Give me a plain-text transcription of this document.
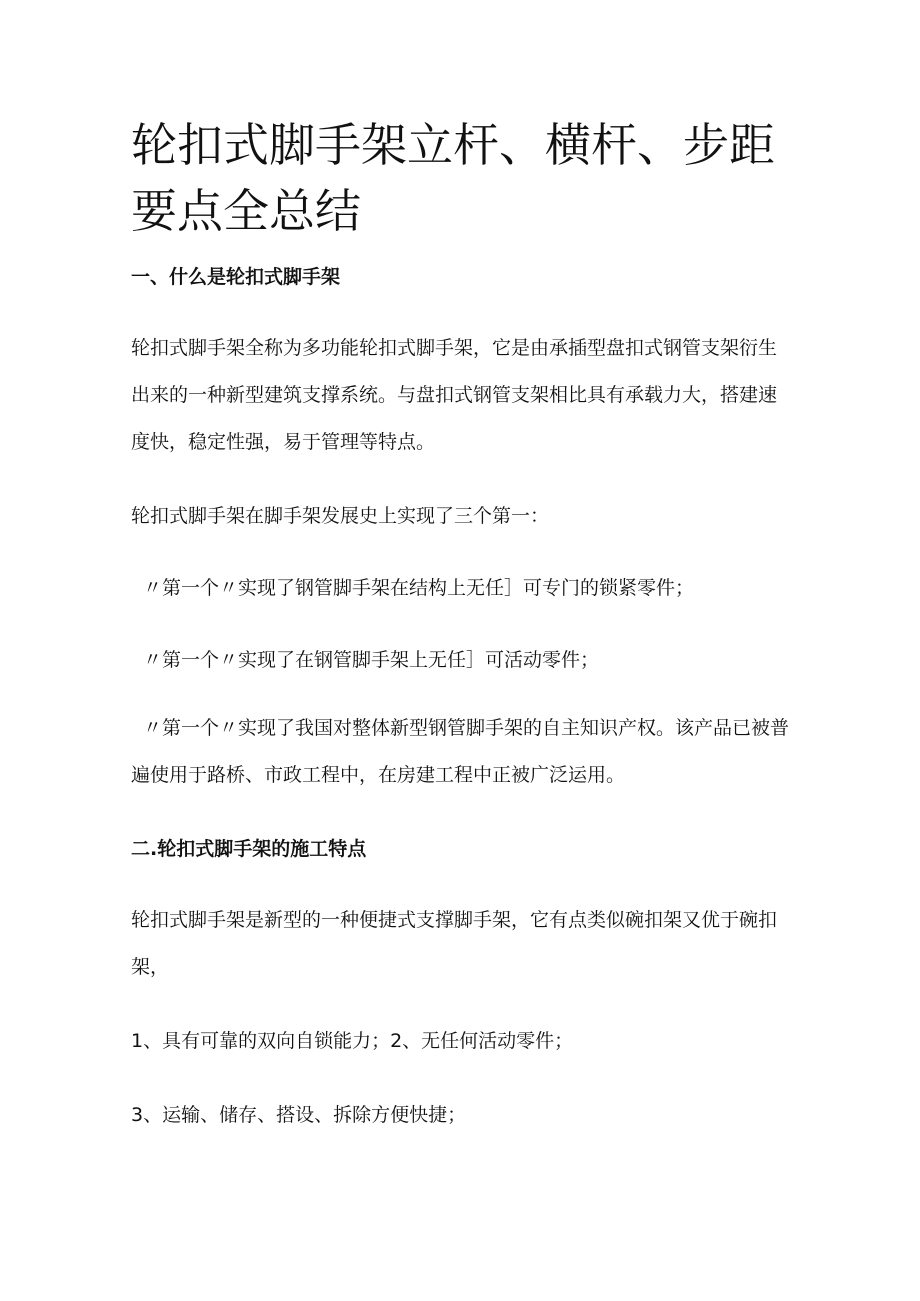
轮扣式脚手架立杆、横杆、步距要点全总结
一、什么是轮扣式脚手架

轮扣式脚手架全称为多功能轮扣式脚手架，它是由承插型盘扣式钢管支架衍生出来的一种新型建筑支撑系统。与盘扣式钢管支架相比具有承载力大，搭建速度快，稳定性强，易于管理等特点。

轮扣式脚手架在脚手架发展史上实现了三个第一：

〃第一个〃实现了钢管脚手架在结构上无任］可专门的锁紧零件；

〃第一个〃实现了在钢管脚手架上无任］可活动零件；

〃第一个〃实现了我国对整体新型钢管脚手架的自主知识产权。该产品已被普遍使用于路桥、市政工程中，在房建工程中正被广泛运用。

二.轮扣式脚手架的施工特点

轮扣式脚手架是新型的一种便捷式支撑脚手架，它有点类似碗扣架又优于碗扣架，

1、具有可靠的双向自锁能力；2、无任何活动零件；

3、运输、储存、搭设、拆除方便快捷；
